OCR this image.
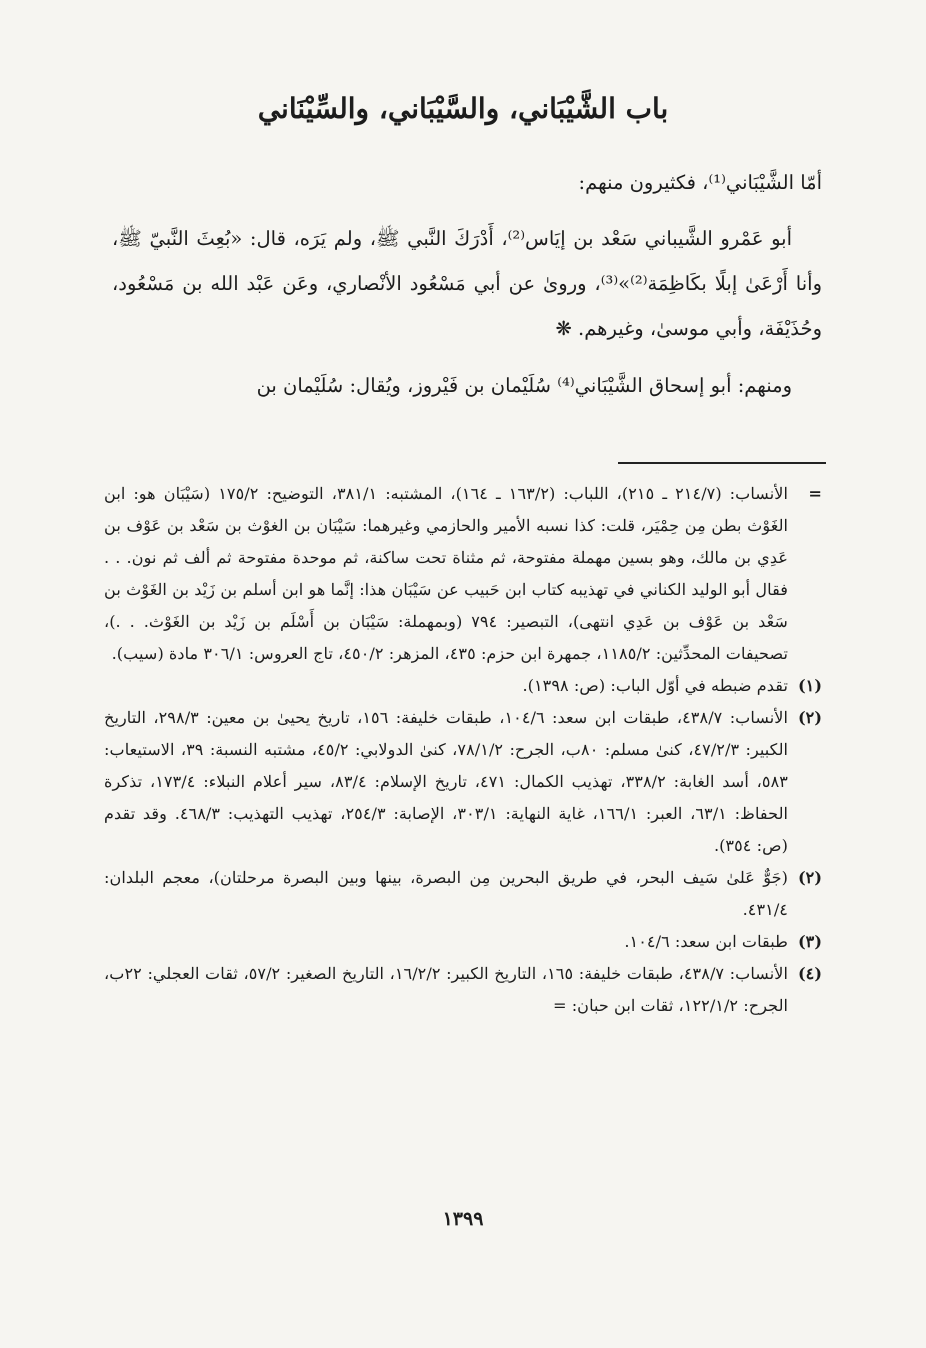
باب الشَّيْبَاني، والسَّيْبَاني، والسِّيْنَاني

أمّا الشَّيْبَاني⁽¹⁾، فكثيرون منهم:

أبو عَمْرو الشَّيباني سَعْد بن إيَاس⁽²⁾، أَدْرَكَ النَّبي ﷺ، ولم يَرَه، قال: «بُعِثَ النَّبيّ ﷺ، وأنا أَرْعَىٰ إبلًا بكَاظِمَة⁽²⁾»⁽³⁾، وروىٰ عن أبي مَسْعُود الأنْصاري، وعَن عَبْد الله بن مَسْعُود، وحُذَيْفَة، وأبي موسىٰ، وغيرهم. ❋

ومنهم: أبو إسحاق الشَّيْبَاني⁽⁴⁾ سُلَيْمان بن فَيْروز، ويُقال: سُلَيْمان بن

=
الأنساب: (٢١٤/٧ ـ ٢١٥)، اللباب: (١٦٣/٢ ـ ١٦٤)، المشتبه: ٣٨١/١، التوضيح: ١٧٥/٢ (سَيْبَان هو: ابن الغَوْث بطن مِن حِمْيَر، قلت: كذا نسبه الأمير والحازمي وغيرهما: سَيْبَان بن الغوْث بن سَعْد بن عَوْف بن عَدِي بن مالك، وهو بسين مهملة مفتوحة، ثم مثناة تحت ساكنة، ثم موحدة مفتوحة ثم ألف ثم نون. . . فقال أبو الوليد الكناني في تهذيبه كتاب ابن حَبيب عن سَيْبَان هذا: إنَّما هو ابن أسلم بن زَيْد بن الغَوْث بن سَعْد بن عَوْف بن عَدِي انتهى)، التبصير: ٧٩٤ (وبمهملة: سَيْبَان بن أَسْلَم بن زَيْد بن الغَوْث. . .)، تصحيفات المحدِّثين: ١١٨٥/٢، جمهرة ابن حزم: ٤٣٥، المزهر: ٤٥٠/٢، تاج العروس: ٣٠٦/١ مادة (سيب).
(١)
تقدم ضبطه في أوّل الباب: (ص: ١٣٩٨).
(٢)
الأنساب: ٤٣٨/٧، طبقات ابن سعد: ١٠٤/٦، طبقات خليفة: ١٥٦، تاريخ يحيىٰ بن معين: ٢٩٨/٣، التاريخ الكبير: ٤٧/٢/٣، كنىٰ مسلم: ٨٠ب، الجرح: ٧٨/١/٢، كنىٰ الدولابي: ٤٥/٢، مشتبه النسبة: ٣٩، الاستيعاب: ٥٨٣، أسد الغابة: ٣٣٨/٢، تهذيب الكمال: ٤٧١، تاريخ الإسلام: ٨٣/٤، سير أعلام النبلاء: ١٧٣/٤، تذكرة الحفاظ: ٦٣/١، العبر: ١٦٦/١، غاية النهاية: ٣٠٣/١، الإصابة: ٢٥٤/٣، تهذيب التهذيب: ٤٦٨/٣. وقد تقدم (ص: ٣٥٤).
(٢)
(جَوٌّ عَلىٰ سَيف البحر، في طريق البحرين مِن البصرة، بينها وبين البصرة مرحلتان)، معجم البلدان: ٤٣١/٤.
(٣)
طبقات ابن سعد: ١٠٤/٦.
(٤)
الأنساب: ٤٣٨/٧، طبقات خليفة: ١٦٥، التاريخ الكبير: ١٦/٢/٢، التاريخ الصغير: ٥٧/٢، ثقات العجلي: ٢٢ب، الجرح: ١٢٢/١/٢، ثقات ابن حبان: =
١٣٩٩
